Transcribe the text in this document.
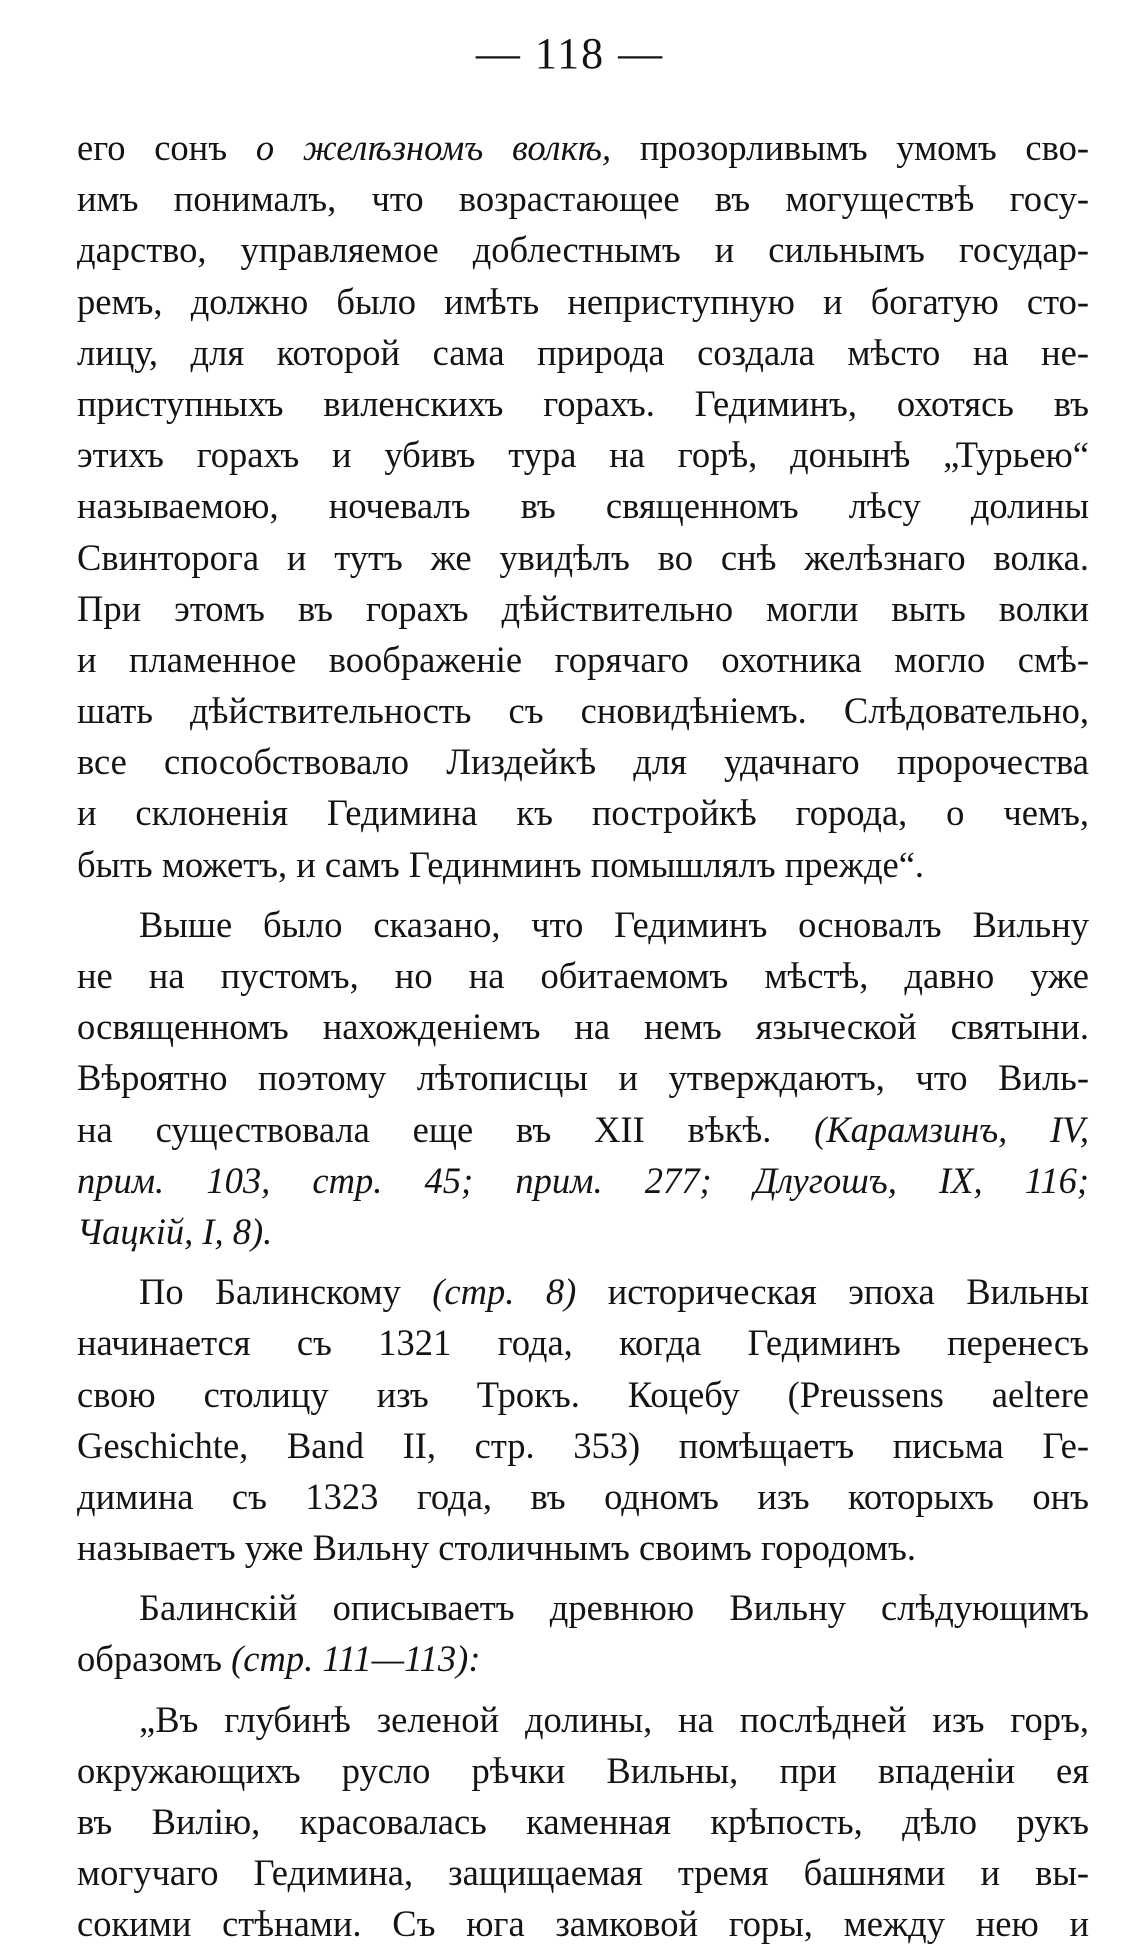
— 118 —
его сонъ о желѣзномъ волкѣ, прозорливымъ умомъ сво-
имъ понималъ, что возрастающее въ могуществѣ госу-
дарство, управляемое доблестнымъ и сильнымъ государ-
ремъ, должно было имѣть неприступную и богатую сто-
лицу, для которой сама природа создала мѣсто на не-
приступныхъ виленскихъ горахъ. Гедиминъ, охотясь въ
этихъ горахъ и убивъ тура на горѣ, донынѣ „Турьею“
называемою, ночевалъ въ священномъ лѣсу долины
Свинторога и тутъ же увидѣлъ во снѣ желѣзнаго волка.
При этомъ въ горахъ дѣйствительно могли выть волки
и пламенное воображеніе горячаго охотника могло смѣ-
шать дѣйствительность съ сновидѣніемъ. Слѣдовательно,
все способствовало Лиздейкѣ для удачнаго пророчества
и склоненія Гедимина къ постройкѣ города, о чемъ,
быть можетъ, и самъ Гединминъ помышлялъ прежде“.
Выше было сказано, что Гедиминъ основалъ Вильну
не на пустомъ, но на обитаемомъ мѣстѣ, давно уже
освященномъ нахожденіемъ на немъ языческой святыни.
Вѣроятно поэтому лѣтописцы и утверждаютъ, что Виль-
на существовала еще въ XII вѣкѣ. (Карамзинъ, IV,
прим. 103, стр. 45; прим. 277; Длугошъ, IX, 116;
Чацкій, I, 8).
По Балинскому (стр. 8) историческая эпоха Вильны
начинается съ 1321 года, когда Гедиминъ перенесъ
свою столицу изъ Трокъ. Коцебу (Preussens aeltere
Geschichte, Band II, стр. 353) помѣщаетъ письма Ге-
димина съ 1323 года, въ одномъ изъ которыхъ онъ
называетъ уже Вильну столичнымъ своимъ городомъ.
Балинскій описываетъ древнюю Вильну слѣдующимъ
образомъ (стр. 111—113):
„Въ глубинѣ зеленой долины, на послѣдней изъ горъ,
окружающихъ русло рѣчки Вильны, при впаденіи ея
въ Вилію, красовалась каменная крѣпость, дѣло рукъ
могучаго Гедимина, защищаемая тремя башнями и вы-
сокими стѣнами. Съ юга замковой горы, между нею и
